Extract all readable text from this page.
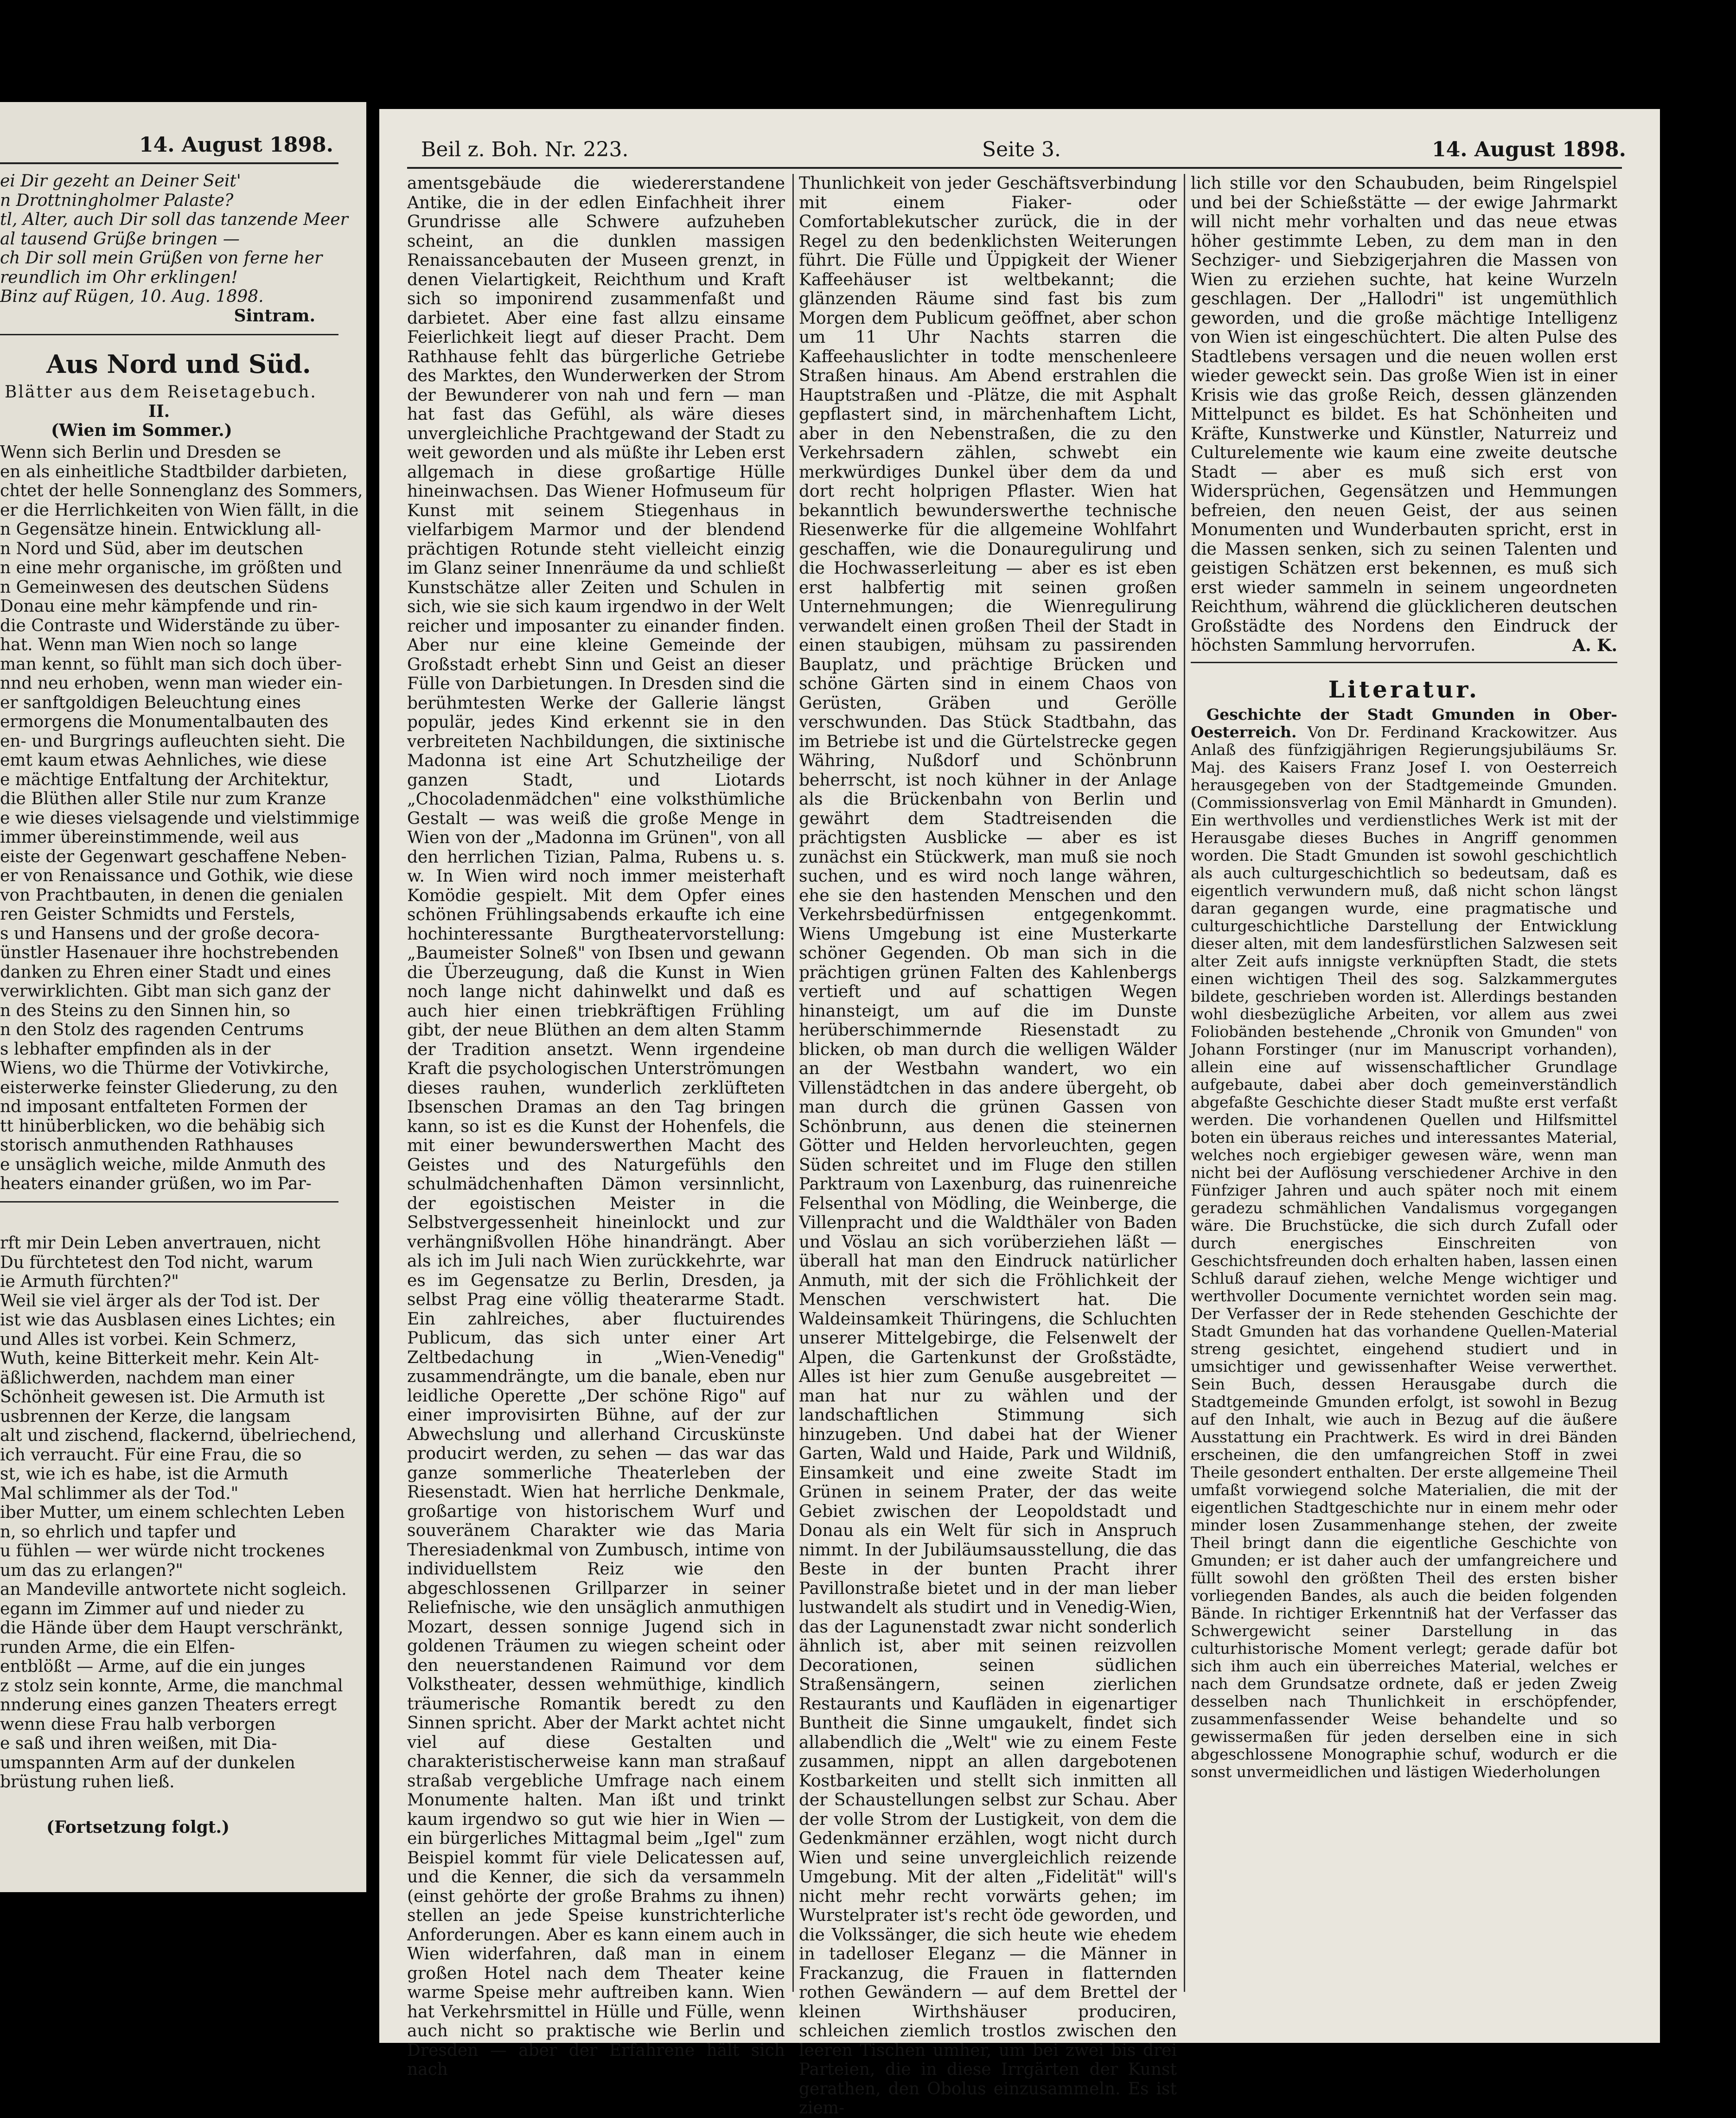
14. August 1898.
ei Dir gezeht an Deiner Seit'
n Drottningholmer Palaste?
tl, Alter, auch Dir soll das tanzende Meer
al tausend Grüße bringen —
ch Dir soll mein Grüßen von ferne her
reundlich im Ohr erklingen!
Binz auf Rügen, 10. Aug. 1898.
Sintram.
Aus Nord und Süd.
Blätter aus dem Reisetagebuch.
II.
(Wien im Sommer.)
Wenn sich Berlin und Dresden se
en als einheitliche Stadtbilder darbieten,
chtet der helle Sonnenglanz des Sommers,
er die Herrlichkeiten von Wien fällt, in die
n Gegensätze hinein. Entwicklung all-
n Nord und Süd, aber im deutschen
n eine mehr organische, im größten und
n Gemeinwesen des deutschen Südens
Donau eine mehr kämpfende und rin-
die Contraste und Widerstände zu über-
hat. Wenn man Wien noch so lange
man kennt, so fühlt man sich doch über-
nnd neu erhoben, wenn man wieder ein-
er sanftgoldigen Beleuchtung eines
ermorgens die Monumentalbauten des
en- und Burgrings aufleuchten sieht. Die
emt kaum etwas Aehnliches, wie diese
e mächtige Entfaltung der Architektur,
die Blüthen aller Stile nur zum Kranze
e wie dieses vielsagende und vielstimmige
immer übereinstimmende, weil aus
eiste der Gegenwart geschaffene Neben-
er von Renaissance und Gothik, wie diese
von Prachtbauten, in denen die genialen
ren Geister Schmidts und Ferstels,
s und Hansens und der große decora-
ünstler Hasenauer ihre hochstrebenden
danken zu Ehren einer Stadt und eines
verwirklichten. Gibt man sich ganz der
n des Steins zu den Sinnen hin, so
n den Stolz des ragenden Centrums
s lebhafter empfinden als in der
Wiens, wo die Thürme der Votivkirche,
eisterwerke feinster Gliederung, zu den
nd imposant entfalteten Formen der
tt hinüberblicken, wo die behäbig sich
storisch anmuthenden Rathhauses
e unsäglich weiche, milde Anmuth des
heaters einander grüßen, wo im Par-
rft mir Dein Leben anvertrauen, nicht
Du fürchtetest den Tod nicht, warum
ie Armuth fürchten?"
Weil sie viel ärger als der Tod ist. Der
ist wie das Ausblasen eines Lichtes; ein
und Alles ist vorbei. Kein Schmerz,
Wuth, keine Bitterkeit mehr. Kein Alt-
äßlichwerden, nachdem man einer
Schönheit gewesen ist. Die Armuth ist
usbrennen der Kerze, die langsam
alt und zischend, flackernd, übelriechend,
ich verraucht. Für eine Frau, die so
st, wie ich es habe, ist die Armuth
Mal schlimmer als der Tod."
iber Mutter, um einem schlechten Leben
n, so ehrlich und tapfer und
u fühlen — wer würde nicht trockenes
um das zu erlangen?"
an Mandeville antwortete nicht sogleich.
egann im Zimmer auf und nieder zu
die Hände über dem Haupt verschränkt,
runden Arme, die ein Elfen-
entblößt — Arme, auf die ein junges
z stolz sein konnte, Arme, die manchmal
nnderung eines ganzen Theaters erregt
wenn diese Frau halb verborgen
e saß und ihren weißen, mit Dia-
umspannten Arm auf der dunkelen
brüstung ruhen ließ.
(Fortsetzung folgt.)
Beil z. Boh. Nr. 223.	Seite 3.	14. August 1898.

amentsgebäude die wiedererstandene Antike, die in der edlen Einfachheit ihrer Grundrisse alle Schwere aufzuheben scheint, an die dunklen massigen Renaissancebauten der Museen grenzt, in denen Vielartigkeit, Reichthum und Kraft sich so imponirend zusammenfaßt und darbietet. Aber eine fast allzu einsame Feierlichkeit liegt auf dieser Pracht. Dem Rathhause fehlt das bürgerliche Getriebe des Marktes, den Wunderwerken der Strom der Bewunderer von nah und fern — man hat fast das Gefühl, als wäre dieses unvergleichliche Prachtgewand der Stadt zu weit geworden und als müßte ihr Leben erst allgemach in diese großartige Hülle hineinwachsen. Das Wiener Hofmuseum für Kunst mit seinem Stiegenhaus in vielfarbigem Marmor und der blendend prächtigen Rotunde steht vielleicht einzig im Glanz seiner Innenräume da und schließt Kunstschätze aller Zeiten und Schulen in sich, wie sie sich kaum irgendwo in der Welt reicher und imposanter zu einander finden. Aber nur eine kleine Gemeinde der Großstadt erhebt Sinn und Geist an dieser Fülle von Darbietungen. In Dresden sind die berühmtesten Werke der Gallerie längst populär, jedes Kind erkennt sie in den verbreiteten Nachbildungen, die sixtinische Madonna ist eine Art Schutzheilige der ganzen Stadt, und Liotards „Chocoladenmädchen" eine volksthümliche Gestalt — was weiß die große Menge in Wien von der „Madonna im Grünen", von all den herrlichen Tizian, Palma, Rubens u. s. w. In Wien wird noch immer meisterhaft Komödie gespielt. Mit dem Opfer eines schönen Frühlingsabends erkaufte ich eine hochinteressante Burgtheatervorstellung: „Baumeister Solneß" von Ibsen und gewann die Überzeugung, daß die Kunst in Wien noch lange nicht dahinwelkt und daß es auch hier einen triebkräftigen Frühling gibt, der neue Blüthen an dem alten Stamm der Tradition ansetzt. Wenn irgendeine Kraft die psychologischen Unterströmungen dieses rauhen, wunderlich zerklüfteten Ibsenschen Dramas an den Tag bringen kann, so ist es die Kunst der Hohenfels, die mit einer bewunderswerthen Macht des Geistes und des Naturgefühls den schulmädchenhaften Dämon versinnlicht, der egoistischen Meister in die Selbstvergessenheit hineinlockt und zur verhängnißvollen Höhe hinandrängt. Aber als ich im Juli nach Wien zurückkehrte, war es im Gegensatze zu Berlin, Dresden, ja selbst Prag eine völlig theaterarme Stadt. Ein zahlreiches, aber fluctuirendes Publicum, das sich unter einer Art Zeltbedachung in „Wien-Venedig" zusammendrängte, um die banale, eben nur leidliche Operette „Der schöne Rigo" auf einer improvisirten Bühne, auf der zur Abwechslung und allerhand Circuskünste producirt werden, zu sehen — das war das ganze sommerliche Theaterleben der Riesenstadt. Wien hat herrliche Denkmale, großartige von historischem Wurf und souveränem Charakter wie das Maria Theresiadenkmal von Zumbusch, intime von individuellstem Reiz wie den abgeschlossenen Grillparzer in seiner Reliefnische, wie den unsäglich anmuthigen Mozart, dessen sonnige Jugend sich in goldenen Träumen zu wiegen scheint oder den neuerstandenen Raimund vor dem Volkstheater, dessen wehmüthige, kindlich träumerische Romantik beredt zu den Sinnen spricht. Aber der Markt achtet nicht viel auf diese Gestalten und charakteristischerweise kann man straßauf straßab vergebliche Umfrage nach einem Monumente halten. Man ißt und trinkt kaum irgendwo so gut wie hier in Wien — ein bürgerliches Mittagmal beim „Igel" zum Beispiel kommt für viele Delicatessen auf, und die Kenner, die sich da versammeln (einst gehörte der große Brahms zu ihnen) stellen an jede Speise kunstrichterliche Anforderungen. Aber es kann einem auch in Wien widerfahren, daß man in einem großen Hotel nach dem Theater keine warme Speise mehr auftreiben kann. Wien hat Verkehrsmittel in Hülle und Fülle, wenn auch nicht so praktische wie Berlin und Dresden — aber der Erfahrene hält sich nach

Thunlichkeit von jeder Geschäftsverbindung mit einem Fiaker- oder Comfortablekutscher zurück, die in der Regel zu den bedenklichsten Weiterungen führt. Die Fülle und Üppigkeit der Wiener Kaffeehäuser ist weltbekannt; die glänzenden Räume sind fast bis zum Morgen dem Publicum geöffnet, aber schon um 11 Uhr Nachts starren die Kaffeehauslichter in todte menschenleere Straßen hinaus. Am Abend erstrahlen die Hauptstraßen und -Plätze, die mit Asphalt gepflastert sind, in märchenhaftem Licht, aber in den Nebenstraßen, die zu den Verkehrsadern zählen, schwebt ein merkwürdiges Dunkel über dem da und dort recht holprigen Pflaster. Wien hat bekanntlich bewunderswerthe technische Riesenwerke für die allgemeine Wohlfahrt geschaffen, wie die Donauregulirung und die Hochwasserleitung — aber es ist eben erst halbfertig mit seinen großen Unternehmungen; die Wienregulirung verwandelt einen großen Theil der Stadt in einen staubigen, mühsam zu passirenden Bauplatz, und prächtige Brücken und schöne Gärten sind in einem Chaos von Gerüsten, Gräben und Gerölle verschwunden. Das Stück Stadtbahn, das im Betriebe ist und die Gürtelstrecke gegen Währing, Nußdorf und Schönbrunn beherrscht, ist noch kühner in der Anlage als die Brückenbahn von Berlin und gewährt dem Stadtreisenden die prächtigsten Ausblicke — aber es ist zunächst ein Stückwerk, man muß sie noch suchen, und es wird noch lange währen, ehe sie den hastenden Menschen und den Verkehrsbedürfnissen entgegenkommt. Wiens Umgebung ist eine Musterkarte schöner Gegenden. Ob man sich in die prächtigen grünen Falten des Kahlenbergs vertieft und auf schattigen Wegen hinansteigt, um auf die im Dunste herüberschimmernde Riesenstadt zu blicken, ob man durch die welligen Wälder an der Westbahn wandert, wo ein Villenstädtchen in das andere übergeht, ob man durch die grünen Gassen von Schönbrunn, aus denen die steinernen Götter und Helden hervorleuchten, gegen Süden schreitet und im Fluge den stillen Parktraum von Laxenburg, das ruinenreiche Felsenthal von Mödling, die Weinberge, die Villenpracht und die Waldthäler von Baden und Vöslau an sich vorüberziehen läßt — überall hat man den Eindruck natürlicher Anmuth, mit der sich die Fröhlichkeit der Menschen verschwistert hat. Die Waldeinsamkeit Thüringens, die Schluchten unserer Mittelgebirge, die Felsenwelt der Alpen, die Gartenkunst der Großstädte, Alles ist hier zum Genuße ausgebreitet — man hat nur zu wählen und der landschaftlichen Stimmung sich hinzugeben. Und dabei hat der Wiener Garten, Wald und Haide, Park und Wildniß, Einsamkeit und eine zweite Stadt im Grünen in seinem Prater, der das weite Gebiet zwischen der Leopoldstadt und Donau als ein Welt für sich in Anspruch nimmt. In der Jubiläumsausstellung, die das Beste in der bunten Pracht ihrer Pavillonstraße bietet und in der man lieber lustwandelt als studirt und in Venedig-Wien, das der Lagunenstadt zwar nicht sonderlich ähnlich ist, aber mit seinen reizvollen Decorationen, seinen südlichen Straßensängern, seinen zierlichen Restaurants und Kaufläden in eigenartiger Buntheit die Sinne umgaukelt, findet sich allabendlich die „Welt" wie zu einem Feste zusammen, nippt an allen dargebotenen Kostbarkeiten und stellt sich inmitten all der Schaustellungen selbst zur Schau. Aber der volle Strom der Lustigkeit, von dem die Gedenkmänner erzählen, wogt nicht durch Wien und seine unvergleichlich reizende Umgebung. Mit der alten „Fidelität" will's nicht mehr recht vorwärts gehen; im Wurstelprater ist's recht öde geworden, und die Volkssänger, die sich heute wie ehedem in tadelloser Eleganz — die Männer in Frackanzug, die Frauen in flatternden rothen Gewändern — auf dem Brettel der kleinen Wirthshäuser produciren, schleichen ziemlich trostlos zwischen den leeren Tischen umher, um bei zwei bis drei Parteien, die in diese Irrgärten der Kunst gerathen, den Obolus einzusammeln. Es ist ziem-

lich stille vor den Schaubuden, beim Ringelspiel und bei der Schießstätte — der ewige Jahrmarkt will nicht mehr vorhalten und das neue etwas höher gestimmte Leben, zu dem man in den Sechziger- und Siebzigerjahren die Massen von Wien zu erziehen suchte, hat keine Wurzeln geschlagen. Der „Hallodri" ist ungemüthlich geworden, und die große mächtige Intelligenz von Wien ist eingeschüchtert. Die alten Pulse des Stadtlebens versagen und die neuen wollen erst wieder geweckt sein. Das große Wien ist in einer Krisis wie das große Reich, dessen glänzenden Mittelpunct es bildet. Es hat Schönheiten und Kräfte, Kunstwerke und Künstler, Naturreiz und Culturelemente wie kaum eine zweite deutsche Stadt — aber es muß sich erst von Widersprüchen, Gegensätzen und Hemmungen befreien, den neuen Geist, der aus seinen Monumenten und Wunderbauten spricht, erst in die Massen senken, sich zu seinen Talenten und geistigen Schätzen erst bekennen, es muß sich erst wieder sammeln in seinem ungeordneten Reichthum, während die glücklicheren deutschen Großstädte des Nordens den Eindruck der höchsten Sammlung hervorrufen.	A. K.
Literatur.
Geschichte der Stadt Gmunden in Ober-Oesterreich. Von Dr. Ferdinand Krackowitzer. Aus Anlaß des fünfzigjährigen Regierungsjubiläums Sr. Maj. des Kaisers Franz Josef I. von Oesterreich herausgegeben von der Stadtgemeinde Gmunden. (Commissionsverlag von Emil Mänhardt in Gmunden). Ein werthvolles und verdienstliches Werk ist mit der Herausgabe dieses Buches in Angriff genommen worden. Die Stadt Gmunden ist sowohl geschichtlich als auch culturgeschichtlich so bedeutsam, daß es eigentlich verwundern muß, daß nicht schon längst daran gegangen wurde, eine pragmatische und culturgeschichtliche Darstellung der Entwicklung dieser alten, mit dem landesfürstlichen Salzwesen seit alter Zeit aufs innigste verknüpften Stadt, die stets einen wichtigen Theil des sog. Salzkammergutes bildete, geschrieben worden ist. Allerdings bestanden wohl diesbezügliche Arbeiten, vor allem aus zwei Foliobänden bestehende „Chronik von Gmunden" von Johann Forstinger (nur im Manuscript vorhanden), allein eine auf wissenschaftlicher Grundlage aufgebaute, dabei aber doch gemeinverständlich abgefaßte Geschichte dieser Stadt mußte erst verfaßt werden. Die vorhandenen Quellen und Hilfsmittel boten ein überaus reiches und interessantes Material, welches noch ergiebiger gewesen wäre, wenn man nicht bei der Auflösung verschiedener Archive in den Fünfziger Jahren und auch später noch mit einem geradezu schmählichen Vandalismus vorgegangen wäre. Die Bruchstücke, die sich durch Zufall oder durch energisches Einschreiten von Geschichtsfreunden doch erhalten haben, lassen einen Schluß darauf ziehen, welche Menge wichtiger und werthvoller Documente vernichtet worden sein mag. Der Verfasser der in Rede stehenden Geschichte der Stadt Gmunden hat das vorhandene Quellen-Material streng gesichtet, eingehend studiert und in umsichtiger und gewissenhafter Weise verwerthet. Sein Buch, dessen Herausgabe durch die Stadtgemeinde Gmunden erfolgt, ist sowohl in Bezug auf den Inhalt, wie auch in Bezug auf die äußere Ausstattung ein Prachtwerk. Es wird in drei Bänden erscheinen, die den umfangreichen Stoff in zwei Theile gesondert enthalten. Der erste allgemeine Theil umfaßt vorwiegend solche Materialien, die mit der eigentlichen Stadtgeschichte nur in einem mehr oder minder losen Zusammenhange stehen, der zweite Theil bringt dann die eigentliche Geschichte von Gmunden; er ist daher auch der umfangreichere und füllt sowohl den größten Theil des ersten bisher vorliegenden Bandes, als auch die beiden folgenden Bände. In richtiger Erkenntniß hat der Verfasser das Schwergewicht seiner Darstellung in das culturhistorische Moment verlegt; gerade dafür bot sich ihm auch ein überreiches Material, welches er nach dem Grundsatze ordnete, daß er jeden Zweig desselben nach Thunlichkeit in erschöpfender, zusammenfassender Weise behandelte und so gewissermaßen für jeden derselben eine in sich abgeschlossene Monographie schuf, wodurch er die sonst unvermeidlichen und lästigen Wiederholungen
